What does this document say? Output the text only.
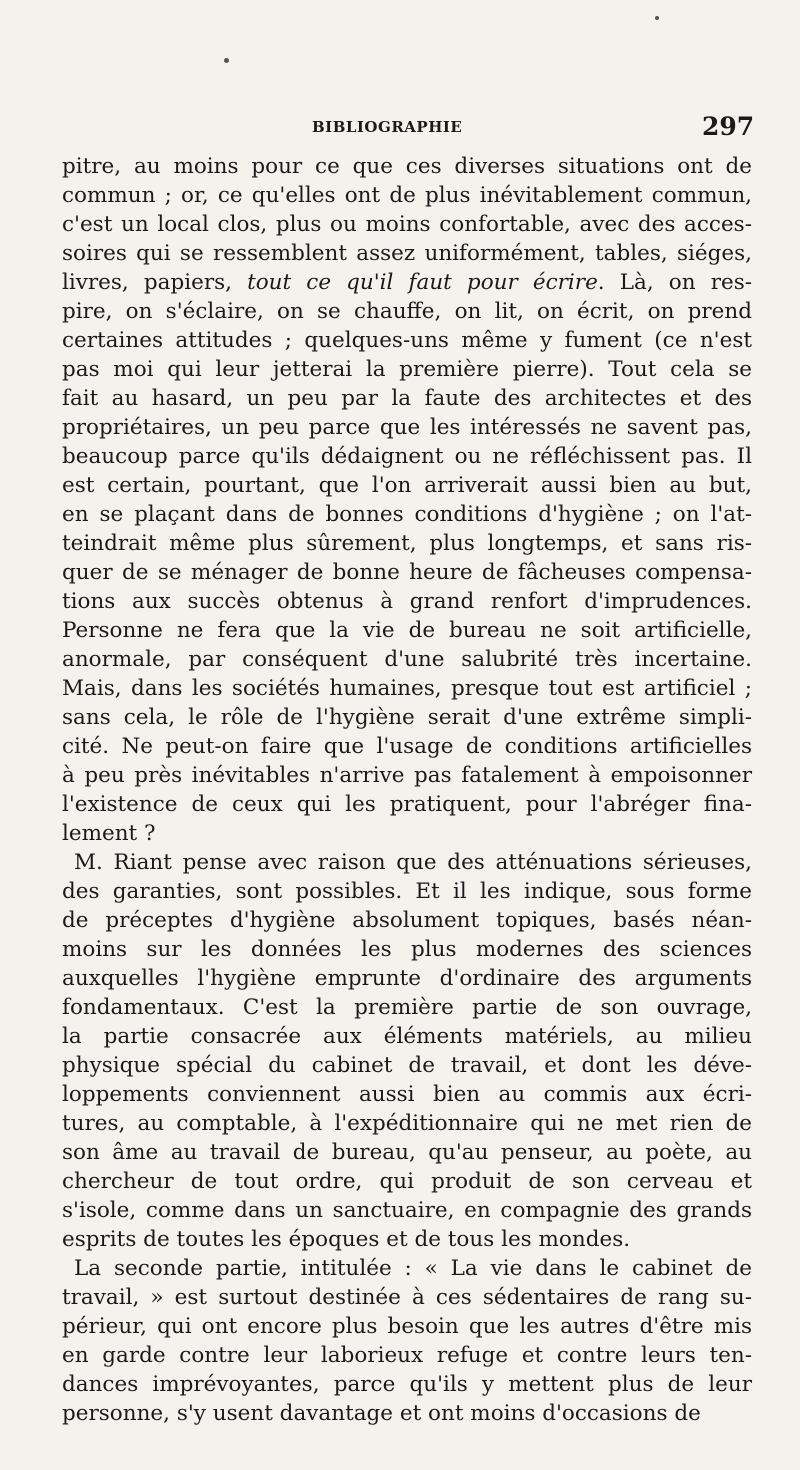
BIBLIOGRAPHIE	297
pitre, au moins pour ce que ces diverses situations ont de
commun ; or, ce qu'elles ont de plus inévitablement commun,
c'est un local clos, plus ou moins confortable, avec des acces-
soires qui se ressemblent assez uniformément, tables, siéges,
livres, papiers, tout ce qu'il faut pour écrire. Là, on res-
pire, on s'éclaire, on se chauffe, on lit, on écrit, on prend
certaines attitudes ; quelques-uns même y fument (ce n'est
pas moi qui leur jetterai la première pierre). Tout cela se
fait au hasard, un peu par la faute des architectes et des
propriétaires, un peu parce que les intéressés ne savent pas,
beaucoup parce qu'ils dédaignent ou ne réfléchissent pas. Il
est certain, pourtant, que l'on arriverait aussi bien au but,
en se plaçant dans de bonnes conditions d'hygiène ; on l'at-
teindrait même plus sûrement, plus longtemps, et sans ris-
quer de se ménager de bonne heure de fâcheuses compensa-
tions aux succès obtenus à grand renfort d'imprudences.
Personne ne fera que la vie de bureau ne soit artificielle,
anormale, par conséquent d'une salubrité très incertaine.
Mais, dans les sociétés humaines, presque tout est artificiel ;
sans cela, le rôle de l'hygiène serait d'une extrême simpli-
cité. Ne peut-on faire que l'usage de conditions artificielles
à peu près inévitables n'arrive pas fatalement à empoisonner
l'existence de ceux qui les pratiquent, pour l'abréger fina-
lement ?
M. Riant pense avec raison que des atténuations sérieuses,
des garanties, sont possibles. Et il les indique, sous forme
de préceptes d'hygiène absolument topiques, basés néan-
moins sur les données les plus modernes des sciences
auxquelles l'hygiène emprunte d'ordinaire des arguments
fondamentaux. C'est la première partie de son ouvrage,
la partie consacrée aux éléments matériels, au milieu
physique spécial du cabinet de travail, et dont les déve-
loppements conviennent aussi bien au commis aux écri-
tures, au comptable, à l'expéditionnaire qui ne met rien de
son âme au travail de bureau, qu'au penseur, au poète, au
chercheur de tout ordre, qui produit de son cerveau et
s'isole, comme dans un sanctuaire, en compagnie des grands
esprits de toutes les époques et de tous les mondes.
La seconde partie, intitulée : « La vie dans le cabinet de
travail, » est surtout destinée à ces sédentaires de rang su-
périeur, qui ont encore plus besoin que les autres d'être mis
en garde contre leur laborieux refuge et contre leurs ten-
dances imprévoyantes, parce qu'ils y mettent plus de leur
personne, s'y usent davantage et ont moins d'occasions de
